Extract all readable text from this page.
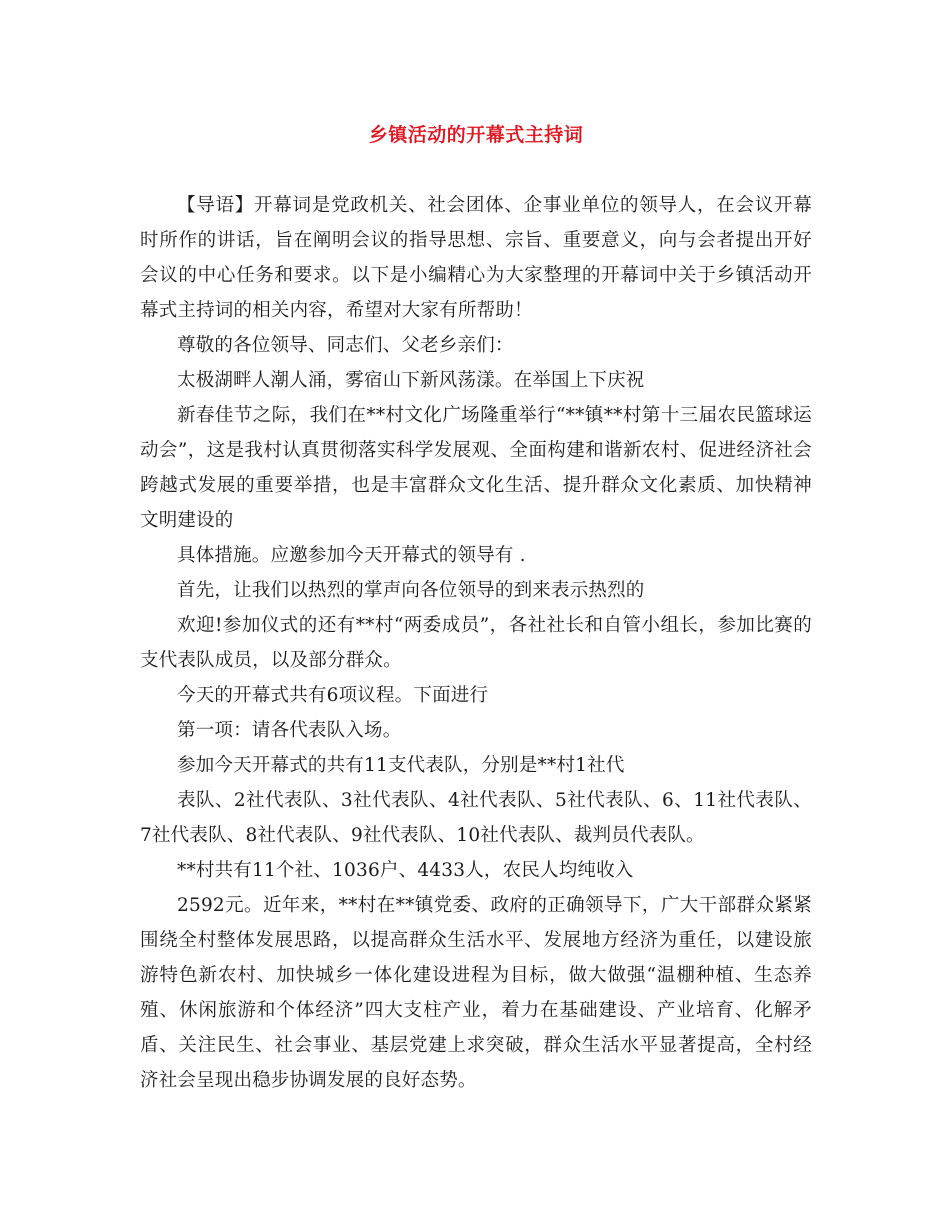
乡镇活动的开幕式主持词

【导语】开幕词是党政机关、社会团体、企事业单位的领导人，在会议开幕时所作的讲话，旨在阐明会议的指导思想、宗旨、重要意义，向与会者提出开好会议的中心任务和要求。以下是小编精心为大家整理的开幕词中关于乡镇活动开幕式主持词的相关内容，希望对大家有所帮助！

尊敬的各位领导、同志们、父老乡亲们：

太极湖畔人潮人涌，雾宿山下新风荡漾。在举国上下庆祝

新春佳节之际，我们在**村文化广场隆重举行“**镇**村第十三届农民篮球运动会”，这是我村认真贯彻落实科学发展观、全面构建和谐新农村、促进经济社会跨越式发展的重要举措，也是丰富群众文化生活、提升群众文化素质、加快精神文明建设的

具体措施。应邀参加今天开幕式的领导有 .

首先，让我们以热烈的掌声向各位领导的到来表示热烈的

欢迎!参加仪式的还有**村“两委成员”，各社社长和自管小组长，参加比赛的 支代表队成员，以及部分群众。

今天的开幕式共有6项议程。下面进行

第一项：请各代表队入场。

参加今天开幕式的共有11支代表队，分别是**村1社代

表队、2社代表队、3社代表队、4社代表队、5社代表队、6、11社代表队、7社代表队、8社代表队、9社代表队、10社代表队、裁判员代表队。

**村共有11个社、1036户、4433人，农民人均纯收入

2592元。近年来，**村在**镇党委、政府的正确领导下，广大干部群众紧紧围绕全村整体发展思路，以提高群众生活水平、发展地方经济为重任，以建设旅游特色新农村、加快城乡一体化建设进程为目标，做大做强“温棚种植、生态养殖、休闲旅游和个体经济”四大支柱产业，着力在基础建设、产业培育、化解矛盾、关注民生、社会事业、基层党建上求突破，群众生活水平显著提高，全村经济社会呈现出稳步协调发展的良好态势。
